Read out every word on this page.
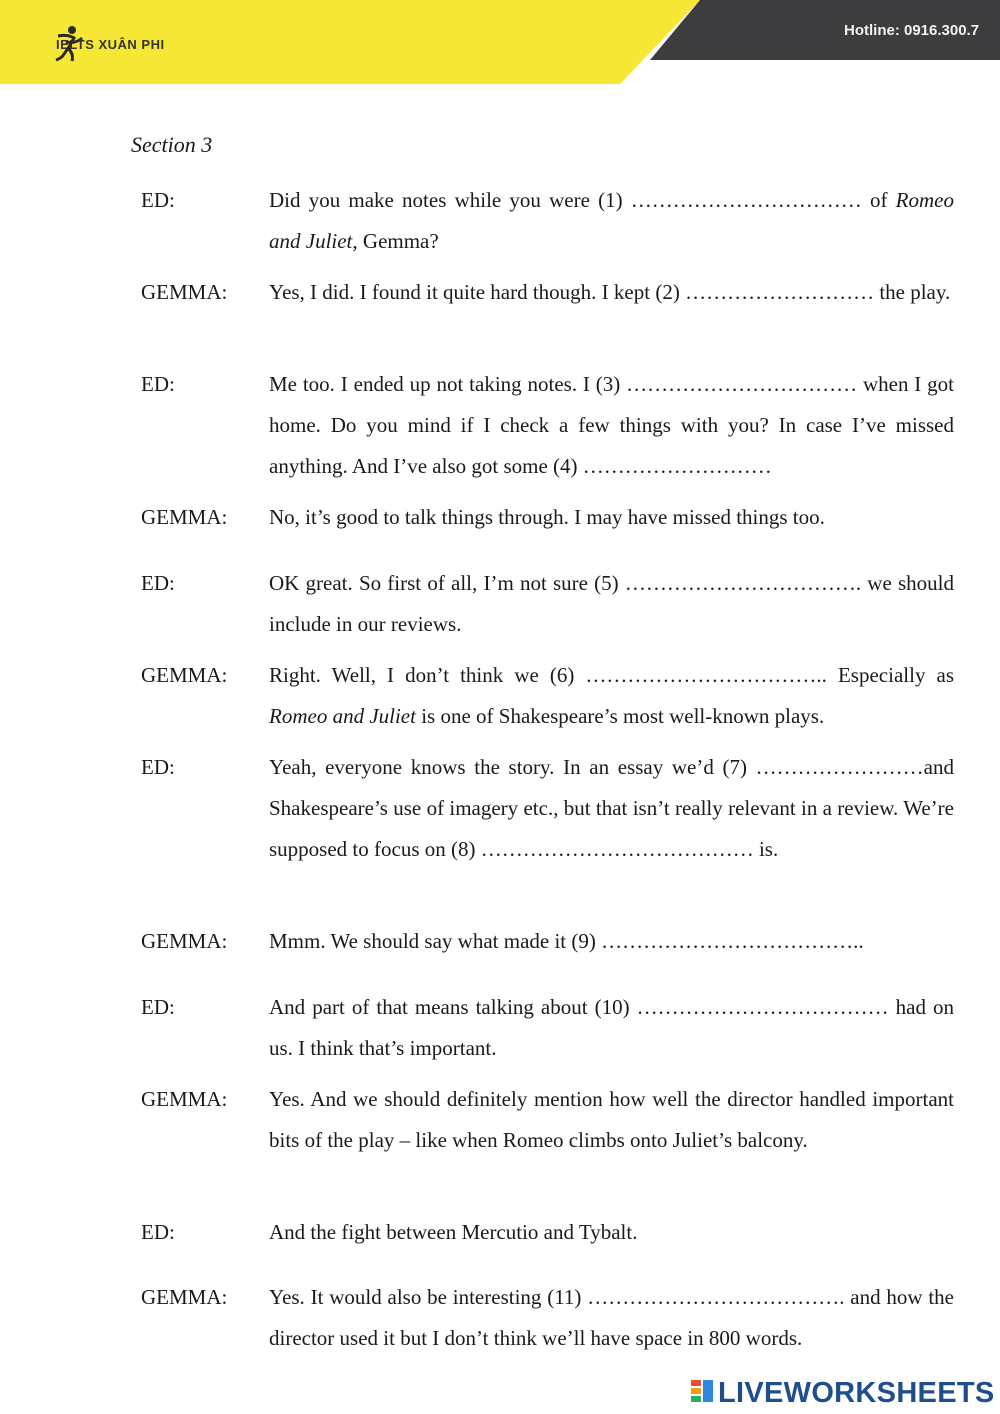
IELTS XUÂN PHI
Hotline: 0916.300.7
Section 3
ED:	Did you make notes while you were (1) …………………………… of Romeo and Juliet, Gemma?
GEMMA: Yes, I did. I found it quite hard though. I kept (2) ……………………… the play.
ED:	Me too. I ended up not taking notes. I (3) …………………………… when I got home. Do you mind if I check a few things with you? In case I’ve missed anything. And I’ve also got some (4) ………………………
GEMMA: No, it’s good to talk things through. I may have missed things too.
ED:	OK great. So first of all, I’m not sure (5) ……………………………. we should include in our reviews.
GEMMA: Right. Well, I don’t think we (6) …………………………….. Especially as Romeo and Juliet is one of Shakespeare’s most well-known plays.
ED:	Yeah, everyone knows the story. In an essay we’d (7) ……………………and Shakespeare’s use of imagery etc., but that isn’t really relevant in a review. We’re supposed to focus on (8) ………………………………… is.
GEMMA: Mmm. We should say what made it (9) ………………………………..
ED:	And part of that means talking about (10) ……………………………… had on us. I think that’s important.
GEMMA: Yes. And we should definitely mention how well the director handled important bits of the play – like when Romeo climbs onto Juliet’s balcony.
ED:	And the fight between Mercutio and Tybalt.
GEMMA: Yes. It would also be interesting (11) ………………………………. and how the director used it but I don’t think we’ll have space in 800 words.
LIVEWORKSHEETS
